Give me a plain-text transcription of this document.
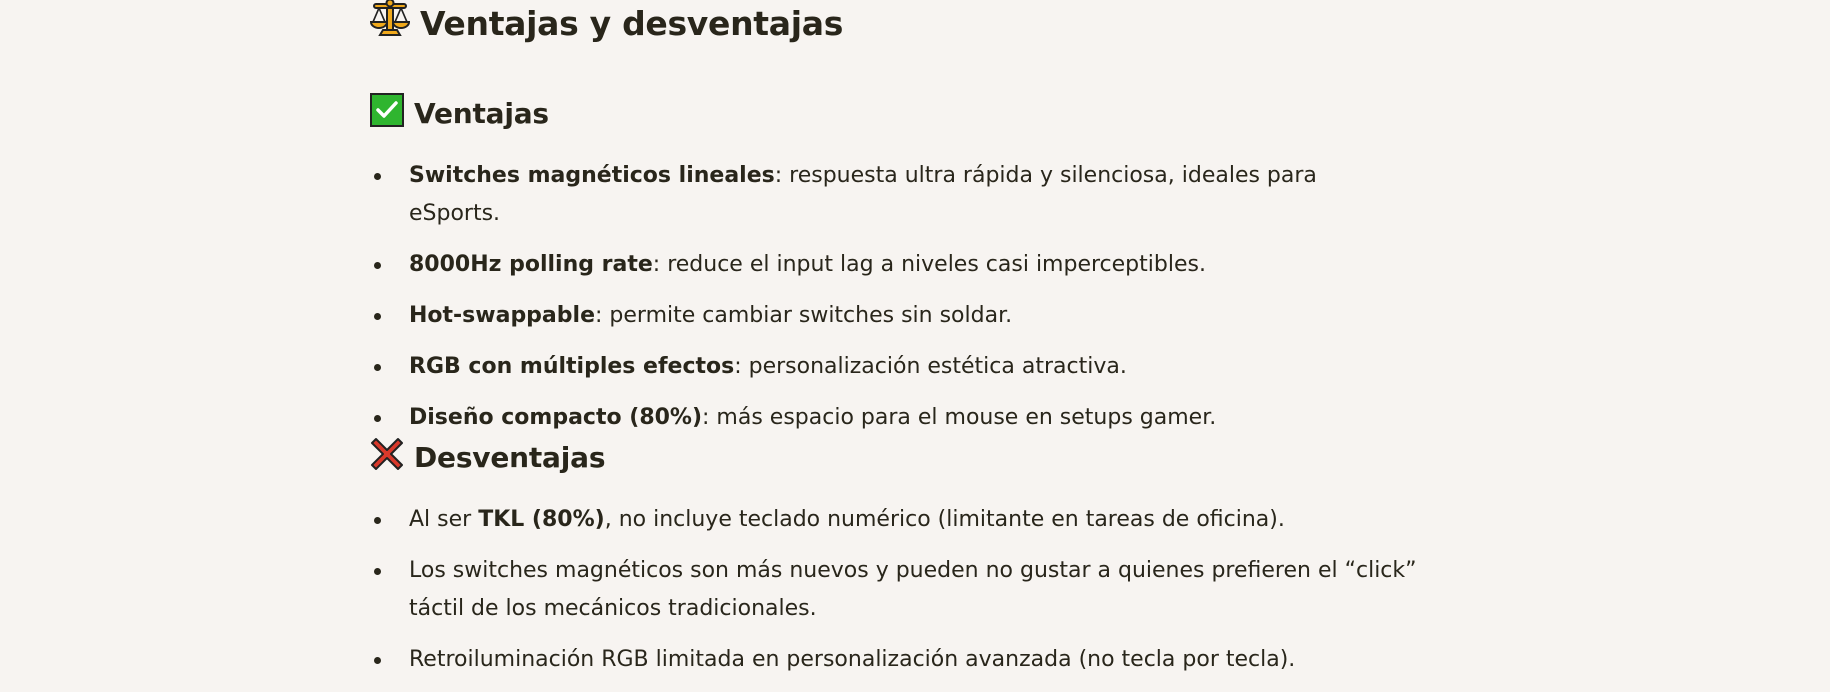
Ventajas y desventajas
Ventajas
Switches magnéticos lineales: respuesta ultra rápida y silenciosa, ideales para eSports.
8000Hz polling rate: reduce el input lag a niveles casi imperceptibles.
Hot-swappable: permite cambiar switches sin soldar.
RGB con múltiples efectos: personalización estética atractiva.
Diseño compacto (80%): más espacio para el mouse en setups gamer.
Desventajas
Al ser TKL (80%), no incluye teclado numérico (limitante en tareas de oficina).
Los switches magnéticos son más nuevos y pueden no gustar a quienes prefieren el “click” táctil de los mecánicos tradicionales.
Retroiluminación RGB limitada en personalización avanzada (no tecla por tecla).
